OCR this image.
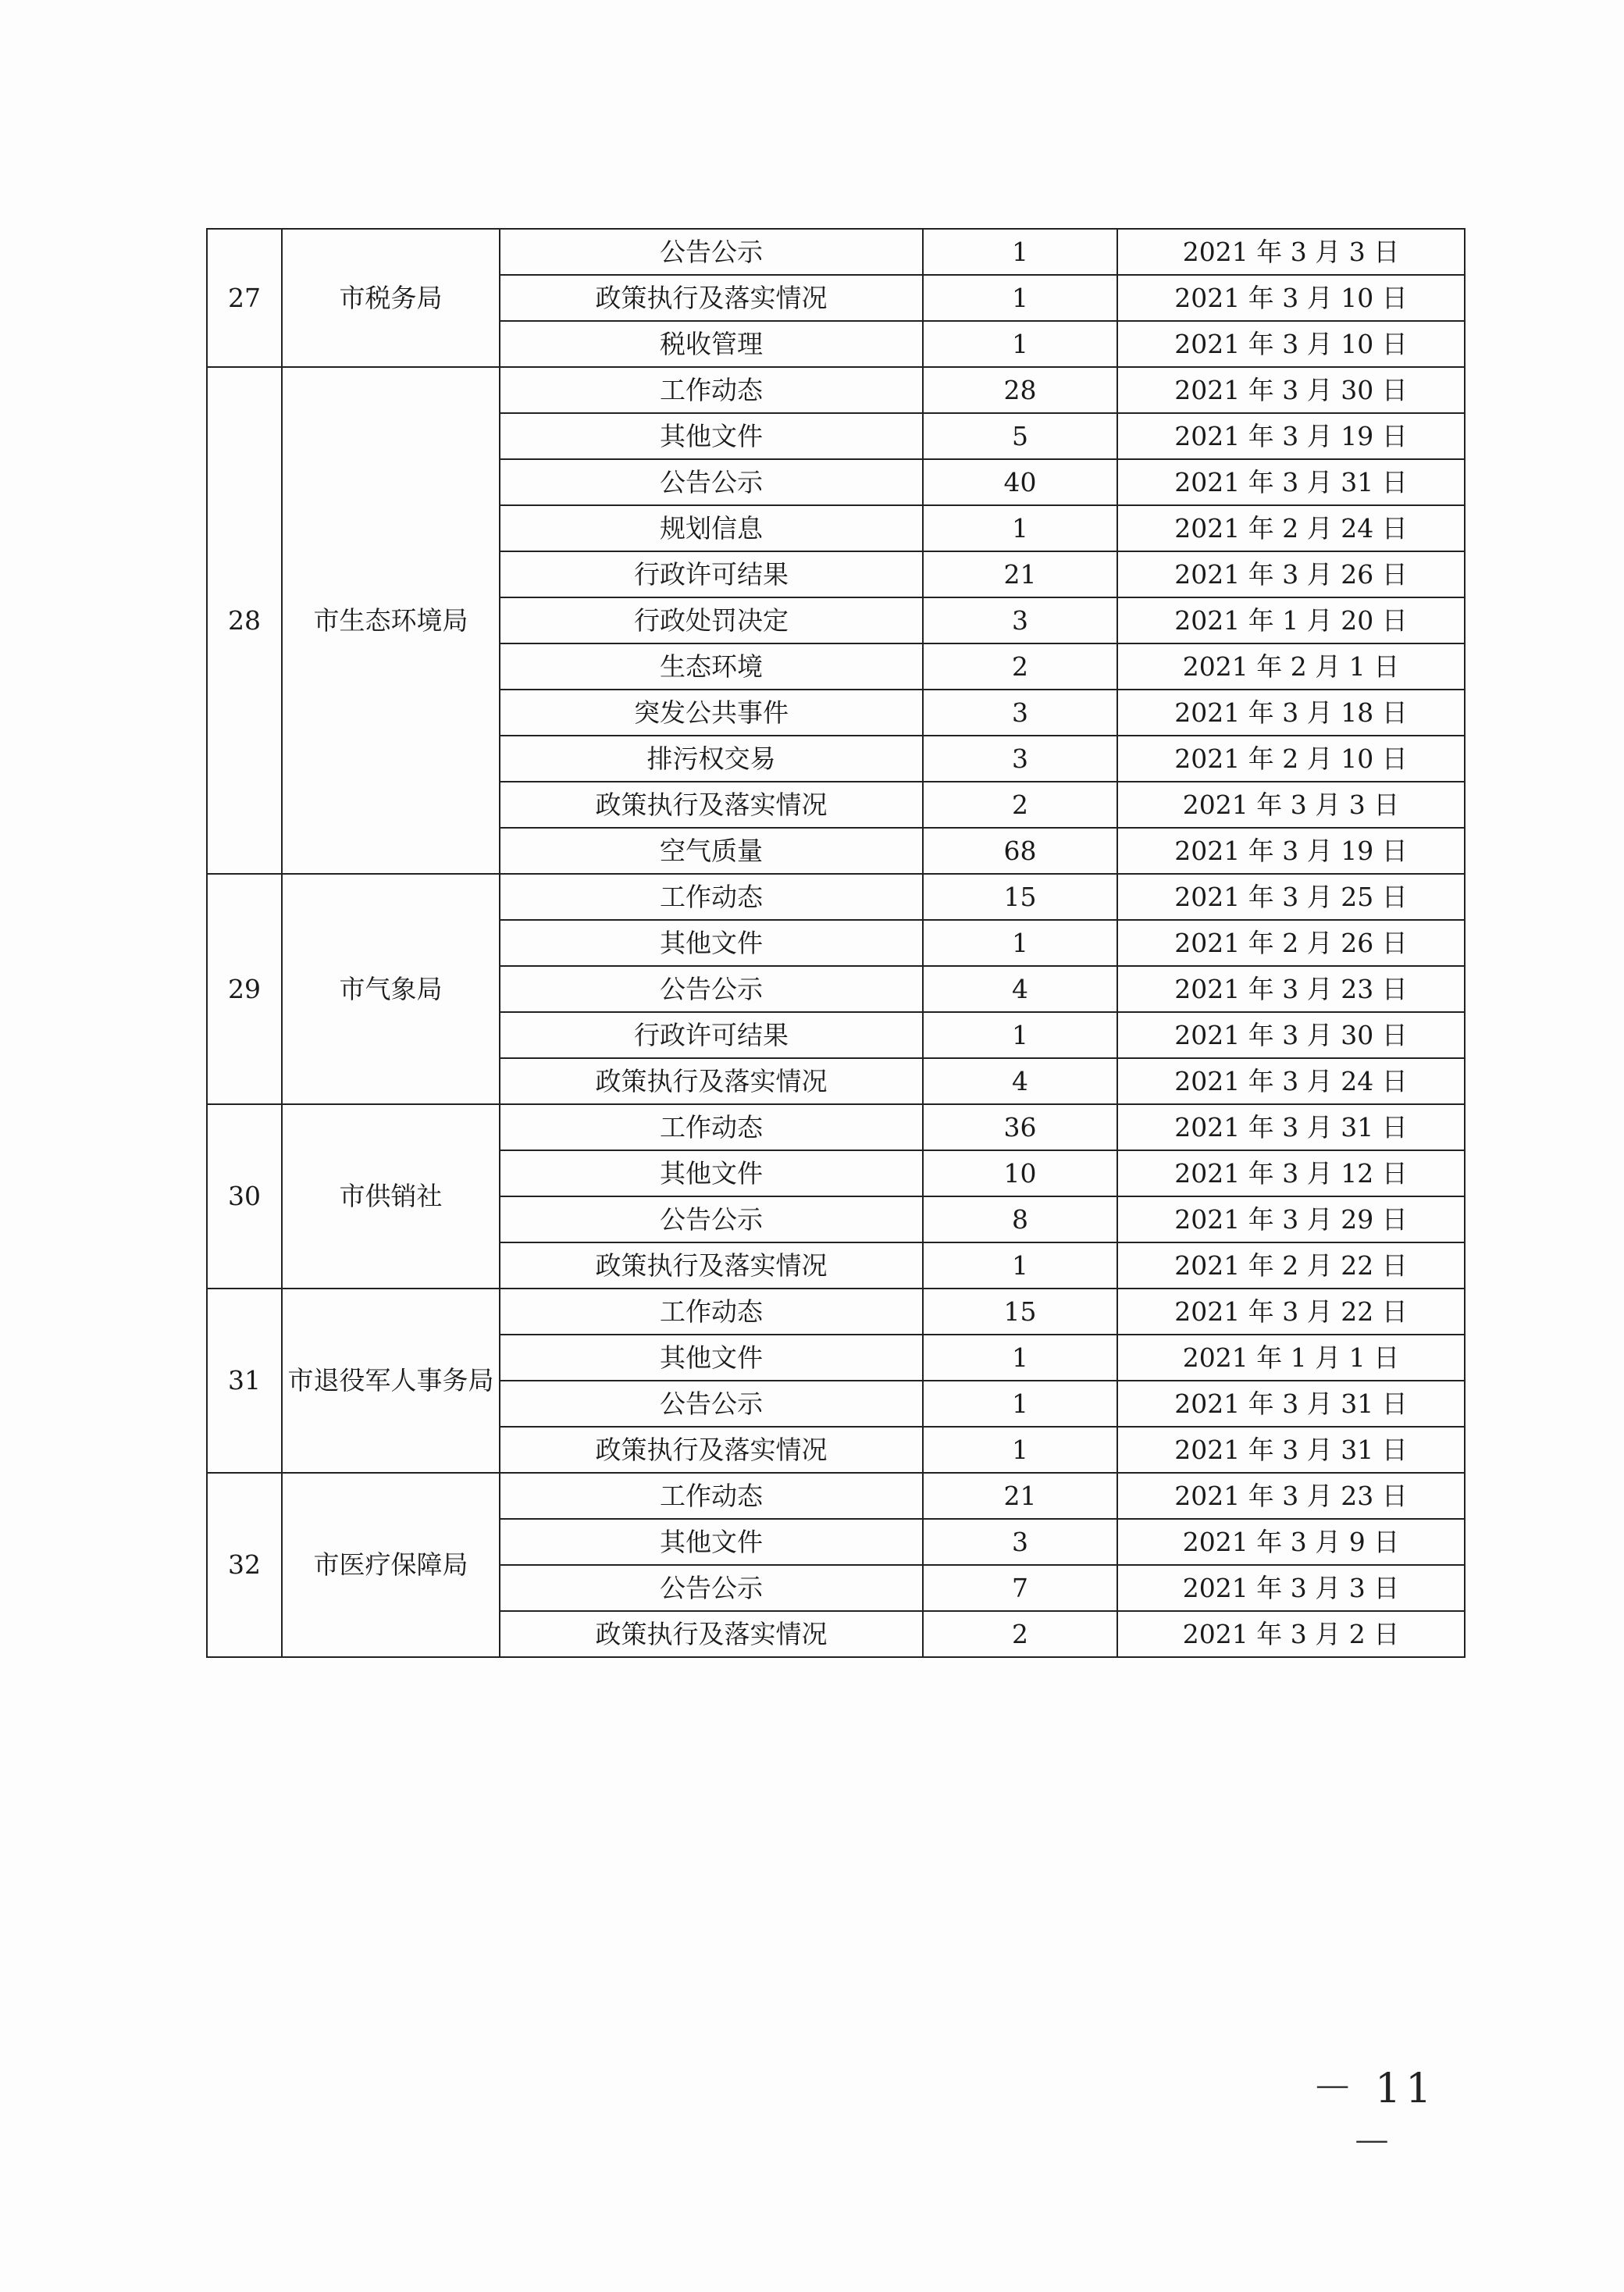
27	市税务局	公告公示	1	2021 年 3 月 3 日
		政策执行及落实情况	1	2021 年 3 月 10 日
		税收管理	1	2021 年 3 月 10 日
28	市生态环境局	工作动态	28	2021 年 3 月 30 日
		其他文件	5	2021 年 3 月 19 日
		公告公示	40	2021 年 3 月 31 日
		规划信息	1	2021 年 2 月 24 日
		行政许可结果	21	2021 年 3 月 26 日
		行政处罚决定	3	2021 年 1 月 20 日
		生态环境	2	2021 年 2 月 1 日
		突发公共事件	3	2021 年 3 月 18 日
		排污权交易	3	2021 年 2 月 10 日
		政策执行及落实情况	2	2021 年 3 月 3 日
		空气质量	68	2021 年 3 月 19 日
29	市气象局	工作动态	15	2021 年 3 月 25 日
		其他文件	1	2021 年 2 月 26 日
		公告公示	4	2021 年 3 月 23 日
		行政许可结果	1	2021 年 3 月 30 日
		政策执行及落实情况	4	2021 年 3 月 24 日
30	市供销社	工作动态	36	2021 年 3 月 31 日
		其他文件	10	2021 年 3 月 12 日
		公告公示	8	2021 年 3 月 29 日
		政策执行及落实情况	1	2021 年 2 月 22 日
31	市退役军人事务局	工作动态	15	2021 年 3 月 22 日
		其他文件	1	2021 年 1 月 1 日
		公告公示	1	2021 年 3 月 31 日
		政策执行及落实情况	1	2021 年 3 月 31 日
32	市医疗保障局	工作动态	21	2021 年 3 月 23 日
		其他文件	3	2021 年 3 月 9 日
		公告公示	7	2021 年 3 月 3 日
		政策执行及落实情况	2	2021 年 3 月 2 日
－ 11 －
